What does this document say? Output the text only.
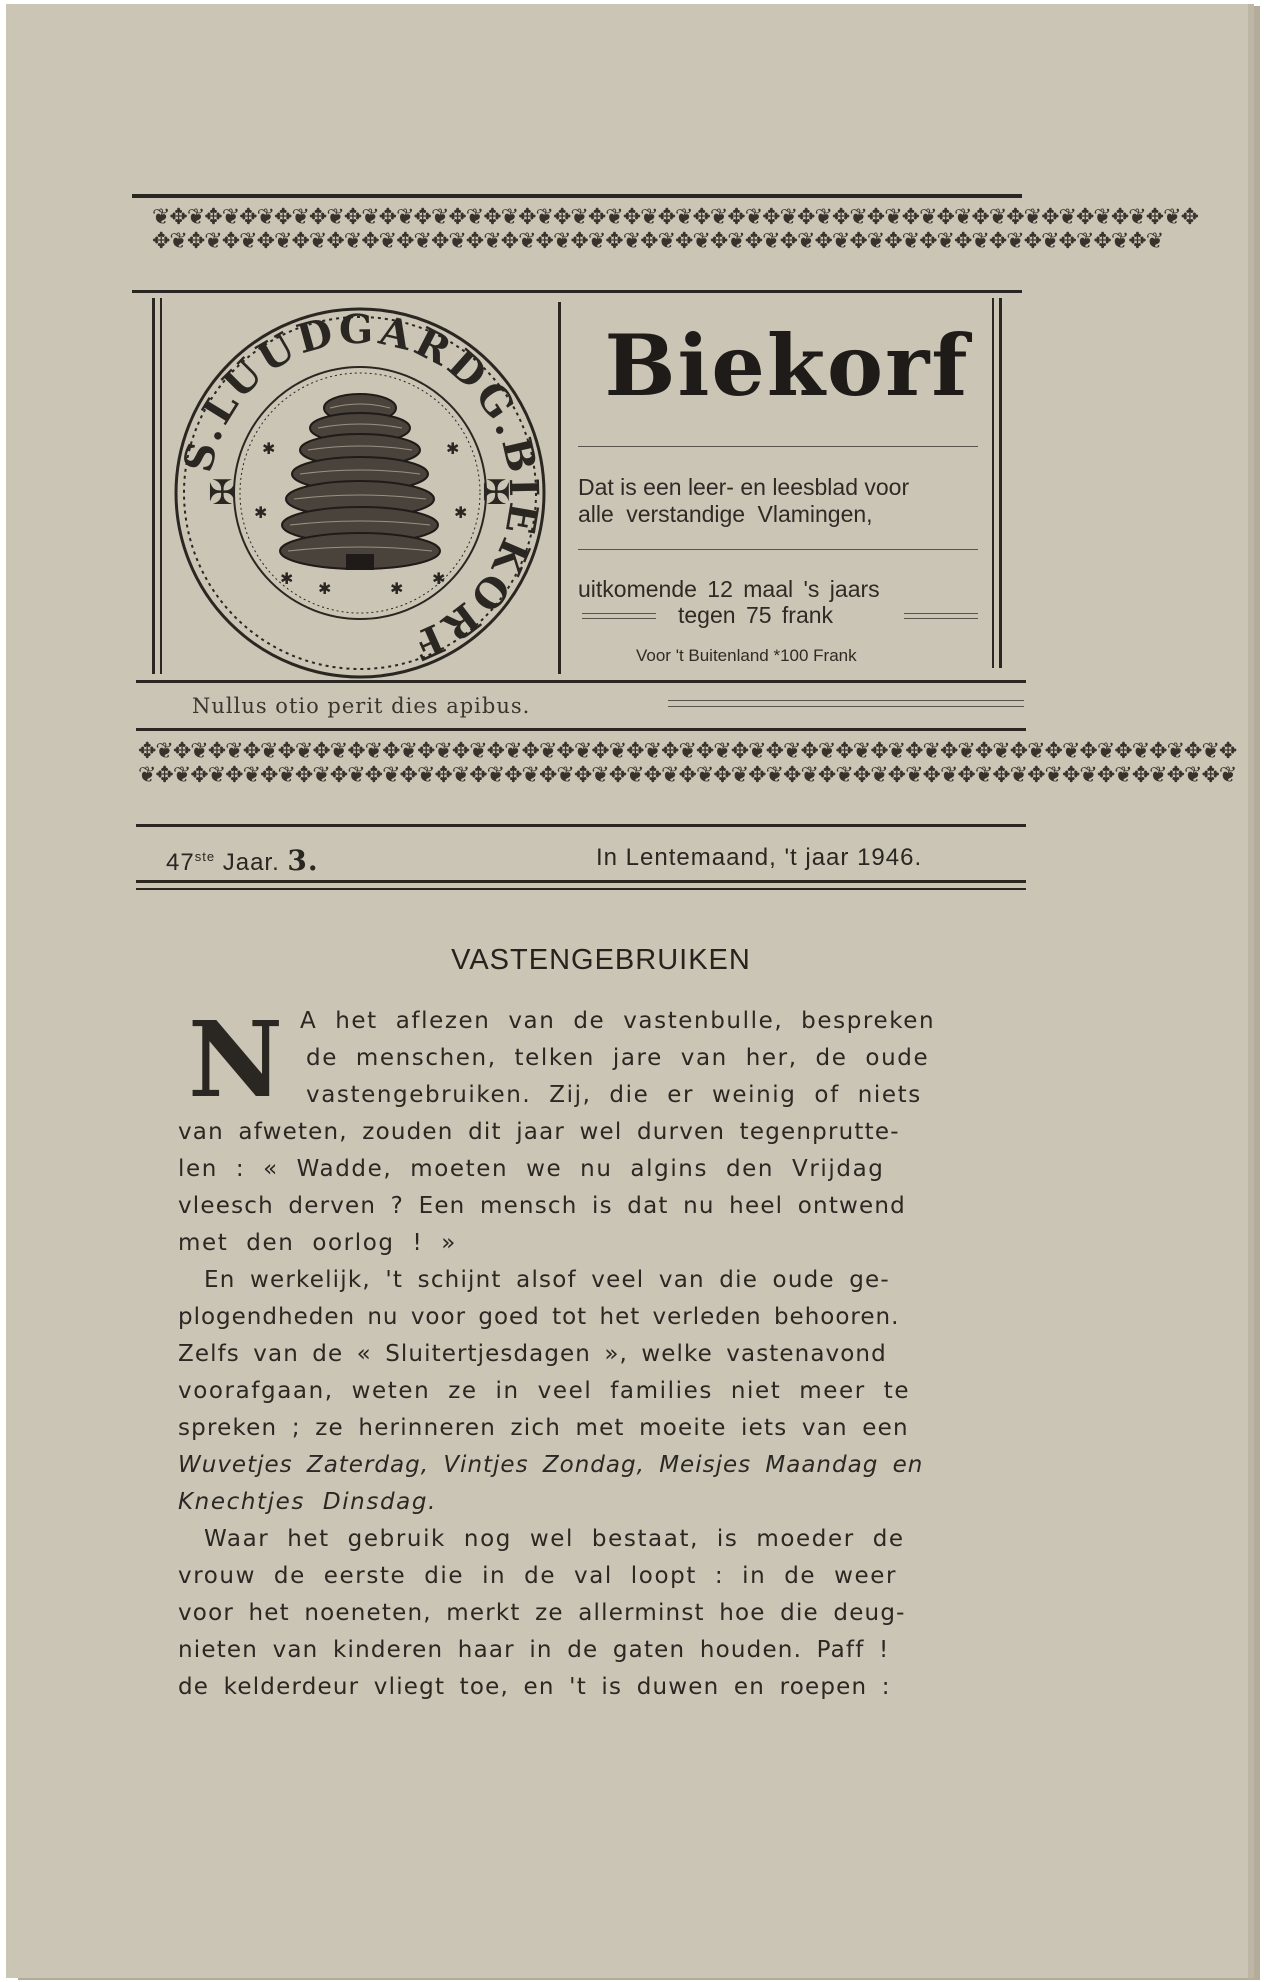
❦✥❦✥❦✥❦✥❦✥❦✥❦✥❦✥❦✥❦✥❦✥❦✥❦✥❦✥❦✥❦✥❦✥❦✥❦✥❦✥❦✥❦✥❦✥❦✥❦✥❦✥❦✥❦✥❦✥❦✥
✥❦✥❦✥❦✥❦✥❦✥❦✥❦✥❦✥❦✥❦✥❦✥❦✥❦✥❦✥❦✥❦✥❦✥❦✥❦✥❦✥❦✥❦✥❦✥❦✥❦✥❦✥❦✥❦✥❦
S.LUUDGARDG.BIEKORF
✠	✠
✱	✱
✱	✱
✱	✱
✱	✱
Biekorf
Dat is een leer- en leesblad voor
alle verstandige Vlamingen,
uitkomende 12 maal 's jaars
tegen 75 frank
Voor 't Buitenland *100 Frank
Nullus otio perit dies apibus.
✥❦✥❦✥❦✥❦✥❦✥❦✥❦✥❦✥❦✥❦✥❦✥❦✥❦✥❦✥❦✥❦✥❦✥❦✥❦✥❦✥❦✥❦✥❦✥❦✥❦✥❦✥❦✥❦✥❦✥❦✥❦✥
❦✥❦✥❦✥❦✥❦✥❦✥❦✥❦✥❦✥❦✥❦✥❦✥❦✥❦✥❦✥❦✥❦✥❦✥❦✥❦✥❦✥❦✥❦✥❦✥❦✥❦✥❦✥❦✥❦✥❦✥❦✥❦
47ste Jaar. 3.	In Lentemaand, 't jaar 1946.
VASTENGEBRUIKEN
N A het aflezen van de vastenbulle, bespreken
de menschen, telken jare van her, de oude
vastengebruiken. Zij, die er weinig of niets
van afweten, zouden dit jaar wel durven tegenprutte-
len : « Wadde, moeten we nu algins den Vrijdag
vleesch derven ? Een mensch is dat nu heel ontwend
met den oorlog ! »
En werkelijk, 't schijnt alsof veel van die oude ge-
plogendheden nu voor goed tot het verleden behooren.
Zelfs van de « Sluitertjesdagen », welke vastenavond
voorafgaan, weten ze in veel families niet meer te
spreken ; ze herinneren zich met moeite iets van een
Wuvetjes Zaterdag, Vintjes Zondag, Meisjes Maandag en
Knechtjes Dinsdag.
Waar het gebruik nog wel bestaat, is moeder de
vrouw de eerste die in de val loopt : in de weer
voor het noeneten, merkt ze allerminst hoe die deug-
nieten van kinderen haar in de gaten houden. Paff !
de kelderdeur vliegt toe, en 't is duwen en roepen :
